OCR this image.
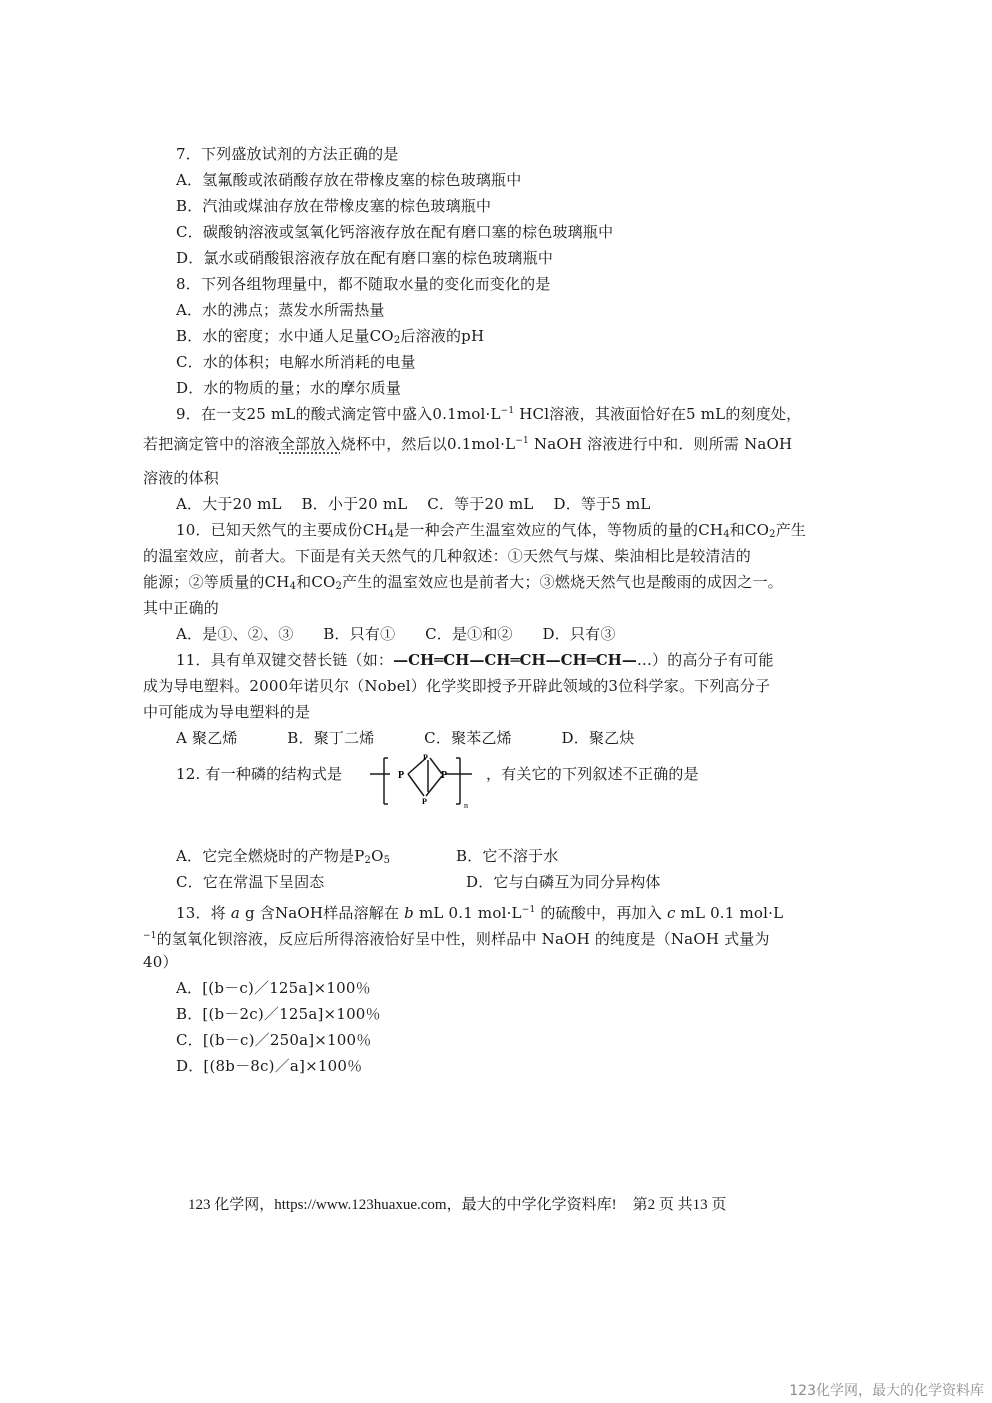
7．下列盛放试剂的方法正确的是
A．氢氟酸或浓硝酸存放在带橡皮塞的棕色玻璃瓶中
B．汽油或煤油存放在带橡皮塞的棕色玻璃瓶中
C．碳酸钠溶液或氢氧化钙溶液存放在配有磨口塞的棕色玻璃瓶中
D．氯水或硝酸银溶液存放在配有磨口塞的棕色玻璃瓶中
8．下列各组物理量中，都不随取水量的变化而变化的是
A．水的沸点；蒸发水所需热量
B．水的密度；水中通人足量$CO_2$后溶液的pH
C．水的体积；电解水所消耗的电量
D．水的物质的量；水的摩尔质量
9．在一支25 mL的酸式滴定管中盛入$0.1mol\cdot L^{-1}$ HCl溶液，其液面恰好在5 mL的刻度处，
若把滴定管中的溶液全部放入烧杯中，然后以$0.1mol\cdot L^{-1}$ NaOH 溶液进行中和．则所需 NaOH
溶液的体积
A．大于20 mL    B．小于20 mL    C．等于20 mL    D．等于5 mL
10．已知天然气的主要成份$CH_4$是一种会产生温室效应的气体，等物质的量的$CH_4$和$CO_2$产生
的温室效应，前者大。下面是有关天然气的几种叙述：①天然气与煤、柴油相比是较清洁的
能源；②等质量的$CH_4$和$CO_2$产生的温室效应也是前者大；③燃烧天然气也是酸雨的成因之一。
其中正确的
A．是①、②、③      B．只有①      C．是①和②      D．只有③
11．具有单双键交替长链（如：—CH═CH—CH═CH—CH═CH—…）的高分子有可能
成为导电塑料。2000年诺贝尔（Nobel）化学奖即授予开辟此领域的3位科学家。下列高分子
中可能成为导电塑料的是
A 聚乙烯          B．聚丁二烯          C．聚苯乙烯          D．聚乙炔
12. 有一种磷的结构式是	P
P
P
P	n
，有关它的下列叙述不正确的是
A．它完全燃烧时的产物是$P_2O_5$	B．它不溶于水
C．它在常温下呈固态	D．它与白磷互为同分异构体
13．将 a g 含NaOH样品溶解在 b mL 0.1 $mol\cdot L^{-1}$ 的硫酸中，再加入 c mL 0.1 mol·L
$^{-1}$的氢氧化钡溶液，反应后所得溶液恰好呈中性，则样品中 NaOH 的纯度是（NaOH 式量为
40）
A．[(b－c)／125a]×100％
B．[(b－2c)／125a]×100％
C．[(b－c)／250a]×100％
D．[(8b－8c)／a]×100％
123 化学网，https://www.123huaxue.com，最大的中学化学资料库! 第2 页 共13 页
123化学网，最大的化学资料库
